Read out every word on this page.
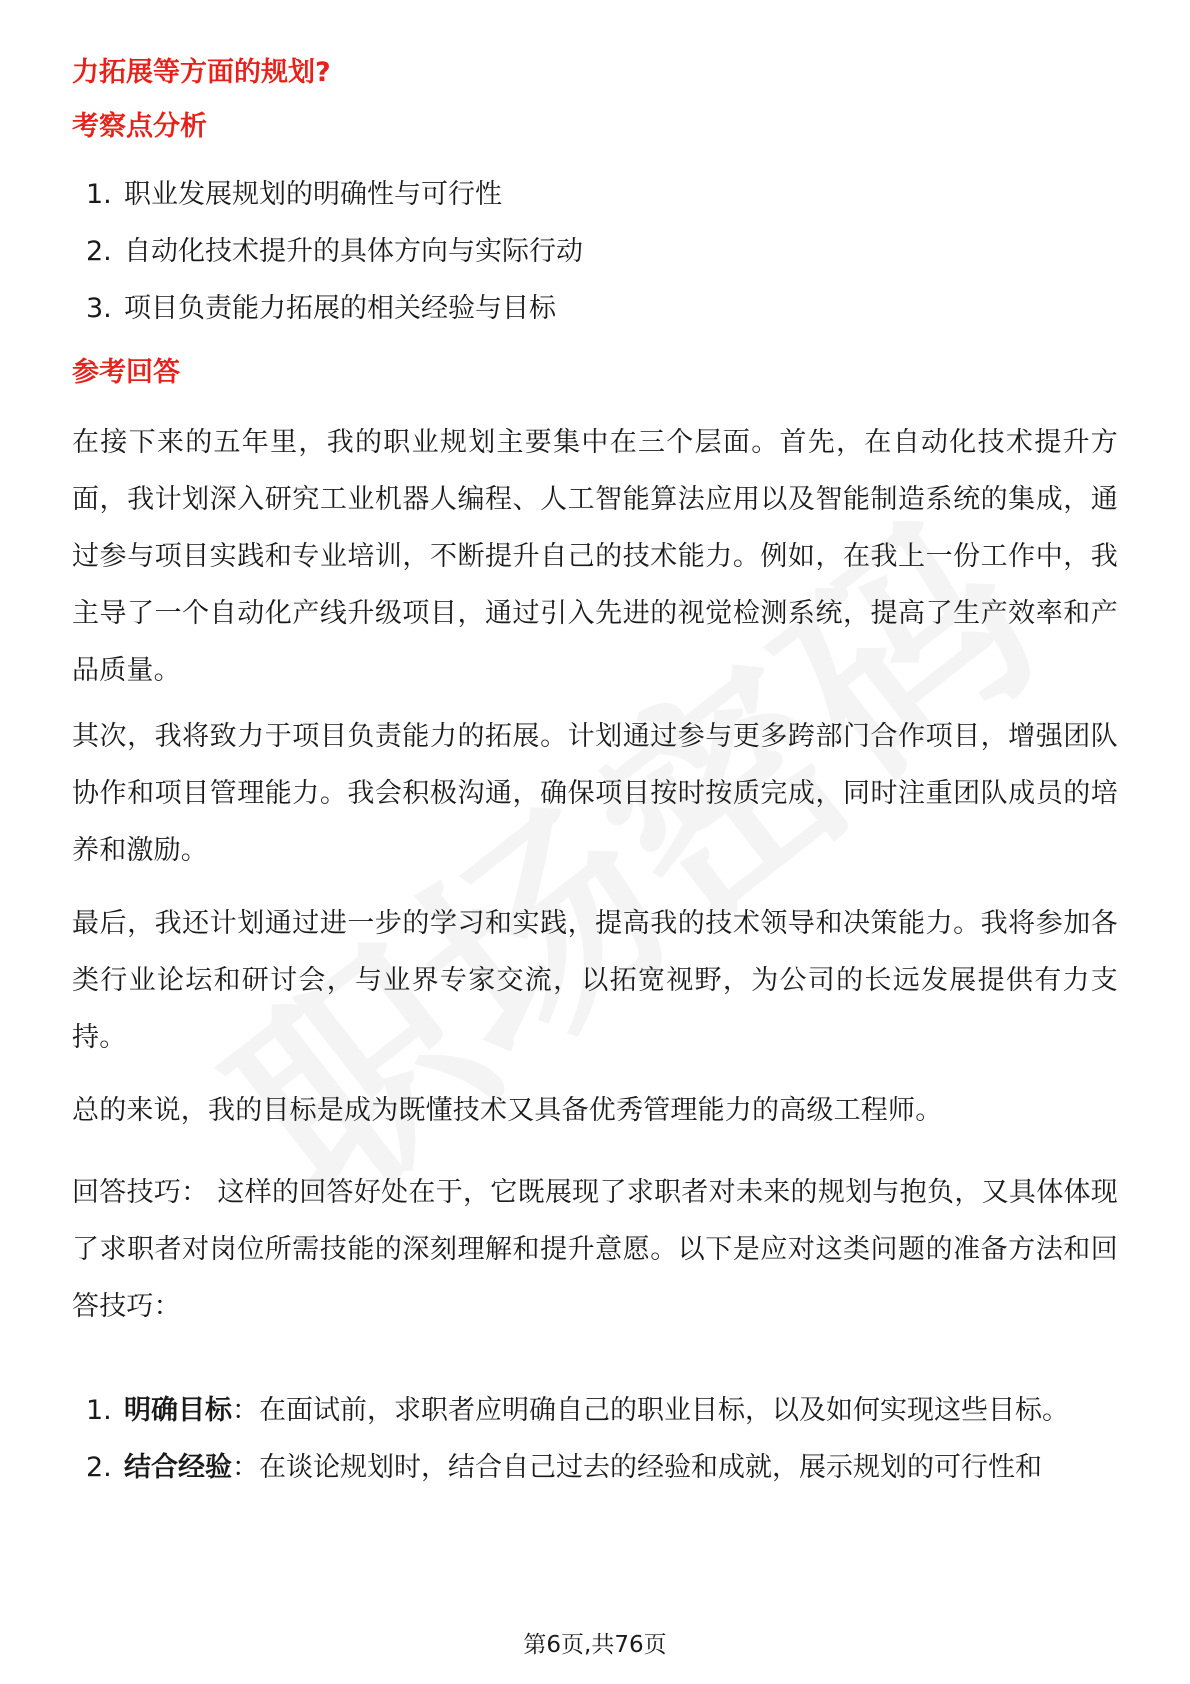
力拓展等方面的规划?
考察点分析
1. 职业发展规划的明确性与可行性
2. 自动化技术提升的具体方向与实际行动
3. 项目负责能力拓展的相关经验与目标
参考回答
在接下来的五年里，我的职业规划主要集中在三个层面。首先，在自动化技术提升方面，我计划深入研究工业机器人编程、人工智能算法应用以及智能制造系统的集成，通过参与项目实践和专业培训，不断提升自己的技术能力。例如，在我上一份工作中，我主导了一个自动化产线升级项目，通过引入先进的视觉检测系统，提高了生产效率和产品质量。
其次，我将致力于项目负责能力的拓展。计划通过参与更多跨部门合作项目，增强团队协作和项目管理能力。我会积极沟通，确保项目按时按质完成，同时注重团队成员的培养和激励。
最后，我还计划通过进一步的学习和实践，提高我的技术领导和决策能力。我将参加各类行业论坛和研讨会，与业界专家交流，以拓宽视野，为公司的长远发展提供有力支持。
总的来说，我的目标是成为既懂技术又具备优秀管理能力的高级工程师。
回答技巧： 这样的回答好处在于，它既展现了求职者对未来的规划与抱负，又具体体现了求职者对岗位所需技能的深刻理解和提升意愿。以下是应对这类问题的准备方法和回答技巧：
1. 明确目标：在面试前，求职者应明确自己的职业目标，以及如何实现这些目标。
2. 结合经验：在谈论规划时，结合自己过去的经验和成就，展示规划的可行性和
第6页,共76页
